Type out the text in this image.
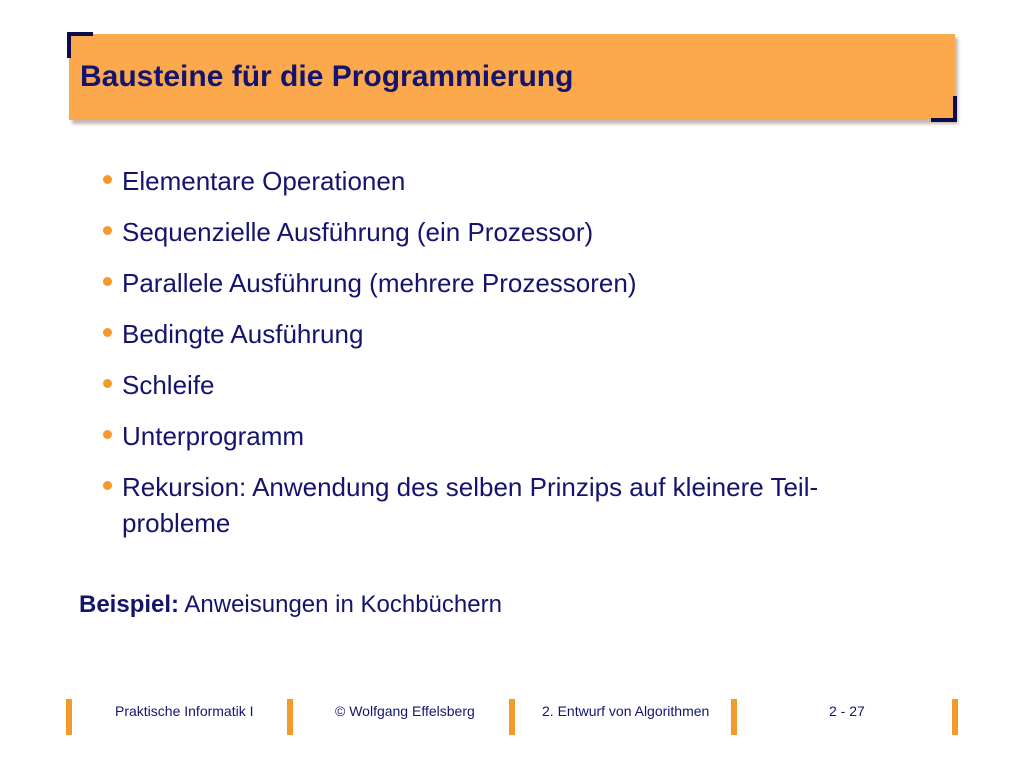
Bausteine für die Programmierung
Elementare Operationen
Sequenzielle Ausführung (ein Prozessor)
Parallele Ausführung (mehrere Prozessoren)
Bedingte Ausführung
Schleife
Unterprogramm
Rekursion: Anwendung des selben Prinzips auf kleinere Teil-probleme
Beispiel: Anweisungen in Kochbüchern
Praktische Informatik I	© Wolfgang Effelsberg	2. Entwurf von Algorithmen	2 - 27
